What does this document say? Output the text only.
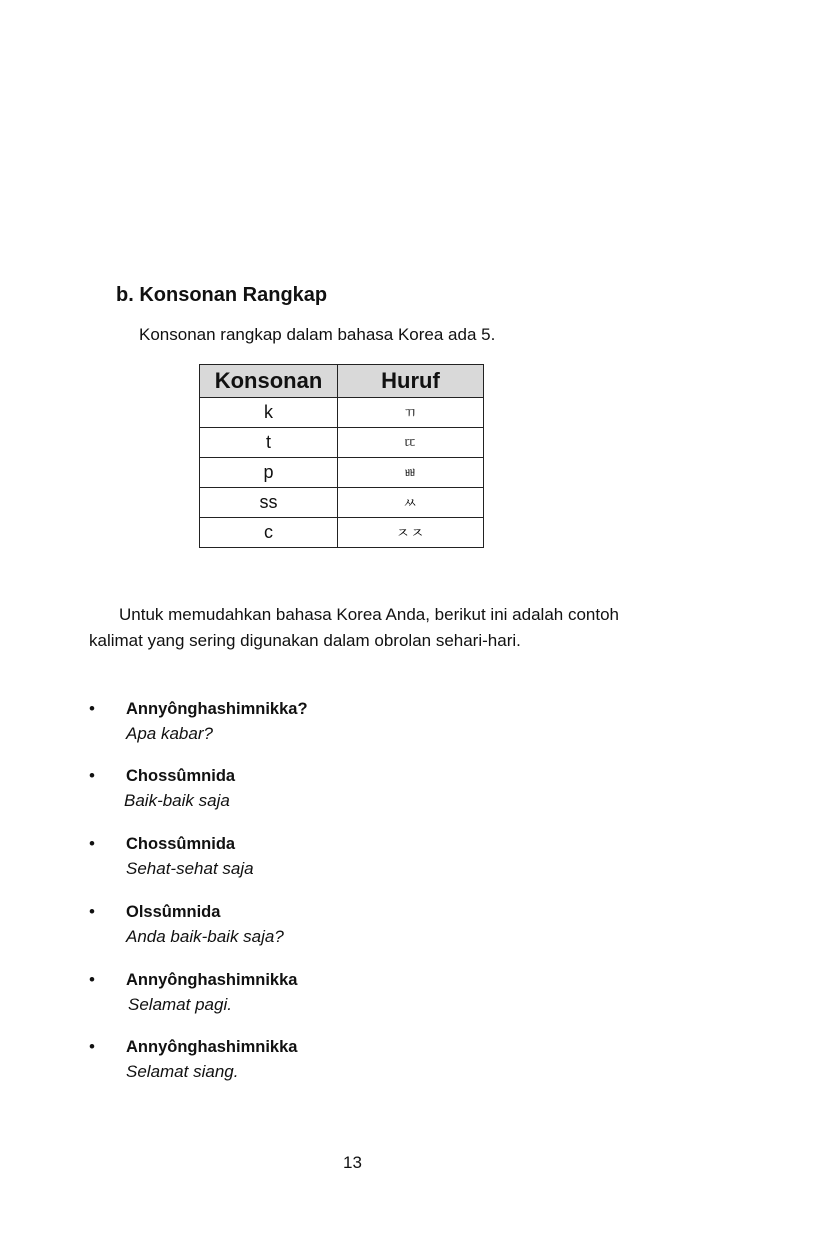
b. Konsonan Rangkap
Konsonan rangkap dalam bahasa Korea ada 5.
Konsonan	Huruf
k	ㄲ
t	ㄸ
p	ㅃ
ss	ㅆ
c	ㅈㅈ
Untuk memudahkan bahasa Korea Anda, berikut ini adalah contoh kalimat yang sering digunakan dalam obrolan sehari-hari.
• Annyônghashimnikka?
Apa kabar?
• Chossûmnida
Baik-baik saja
• Chossûmnida
Sehat-sehat saja
• Olssûmnida
Anda baik-baik saja?
• Annyônghashimnikka
Selamat pagi.
• Annyônghashimnikka
Selamat siang.
13
